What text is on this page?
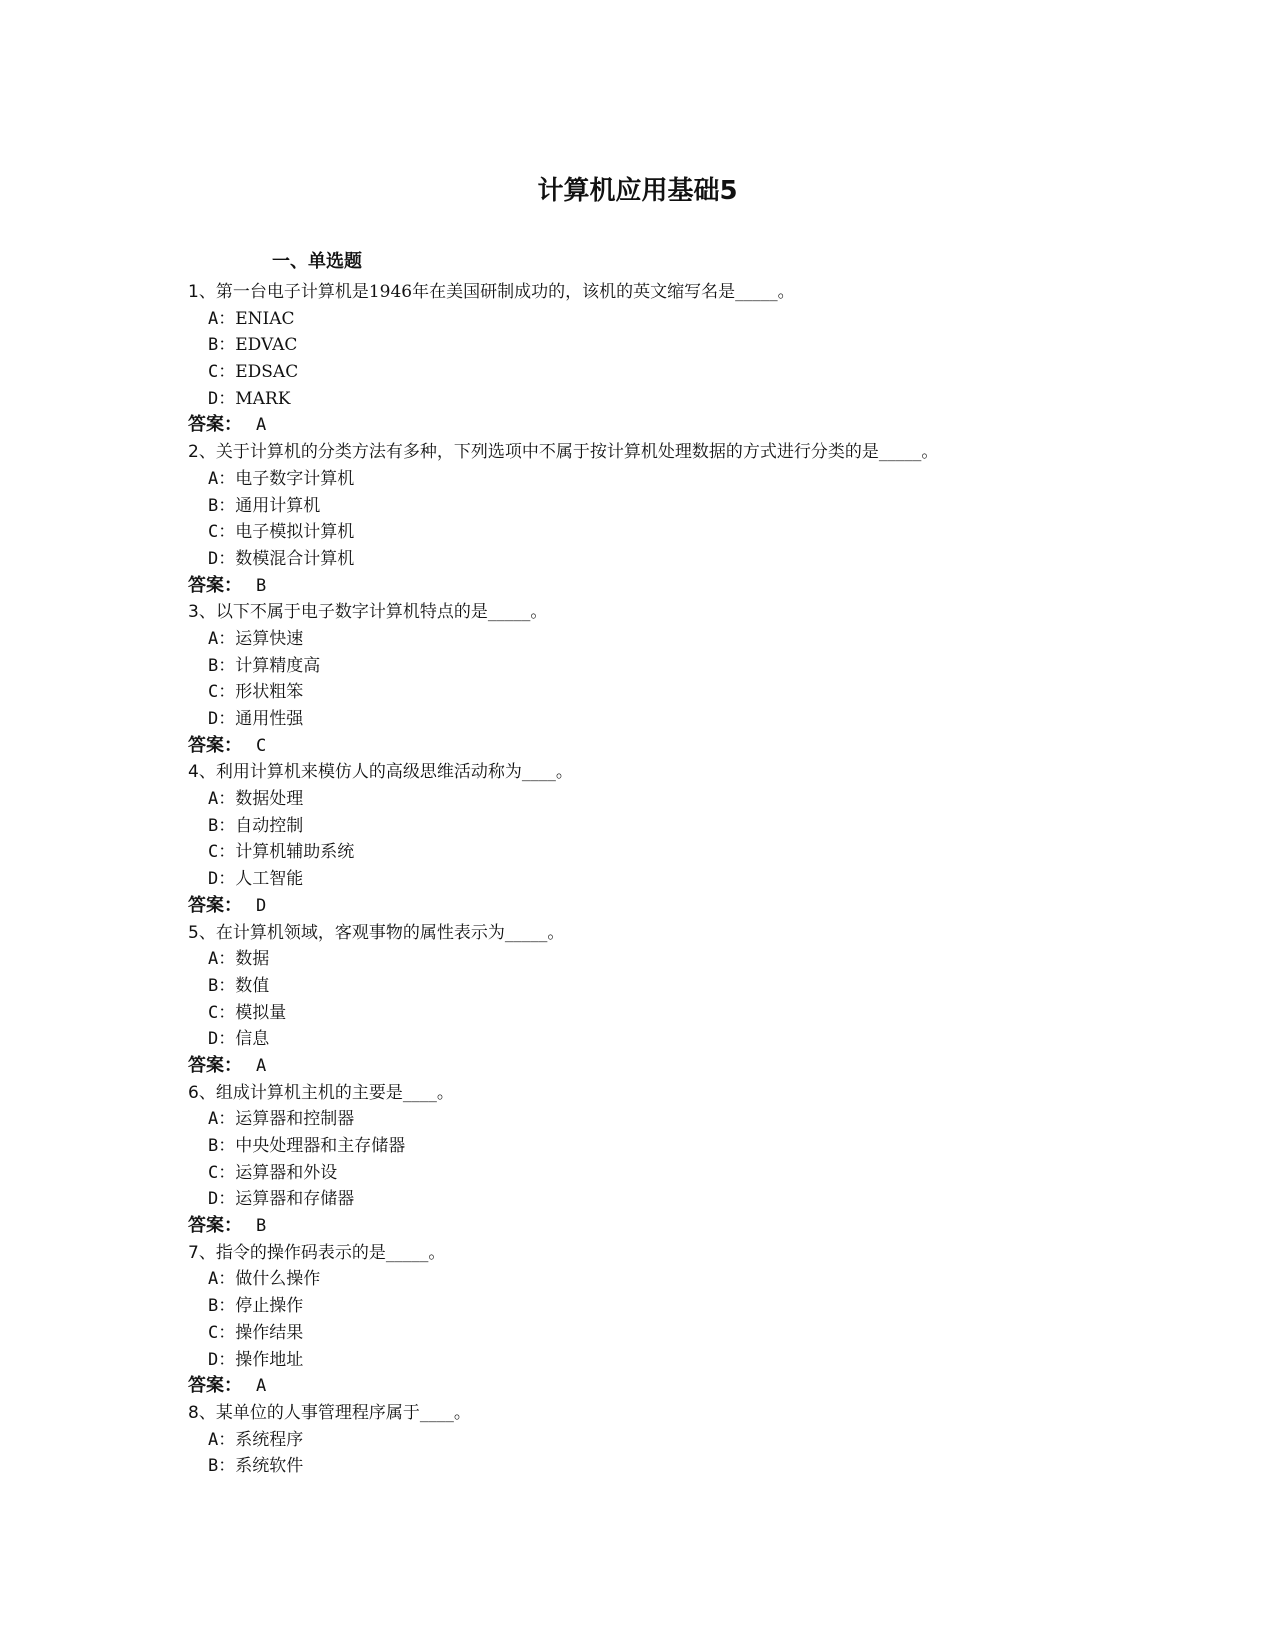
计算机应用基础5
一、单选题
1、第一台电子计算机是1946年在美国研制成功的，该机的英文缩写名是_____。
A：ENIAC
B：EDVAC
C：EDSAC
D：MARK
答案： A
2、关于计算机的分类方法有多种，下列选项中不属于按计算机处理数据的方式进行分类的是_____。
A：电子数字计算机
B：通用计算机
C：电子模拟计算机
D：数模混合计算机
答案： B
3、以下不属于电子数字计算机特点的是_____。
A：运算快速
B：计算精度高
C：形状粗笨
D：通用性强
答案： C
4、利用计算机来模仿人的高级思维活动称为____。
A：数据处理
B：自动控制
C：计算机辅助系统
D：人工智能
答案： D
5、在计算机领域，客观事物的属性表示为_____。
A：数据
B：数值
C：模拟量
D：信息
答案： A
6、组成计算机主机的主要是____。
A：运算器和控制器
B：中央处理器和主存储器
C：运算器和外设
D：运算器和存储器
答案： B
7、指令的操作码表示的是_____。
A：做什么操作
B：停止操作
C：操作结果
D：操作地址
答案： A
8、某单位的人事管理程序属于____。
A：系统程序
B：系统软件
